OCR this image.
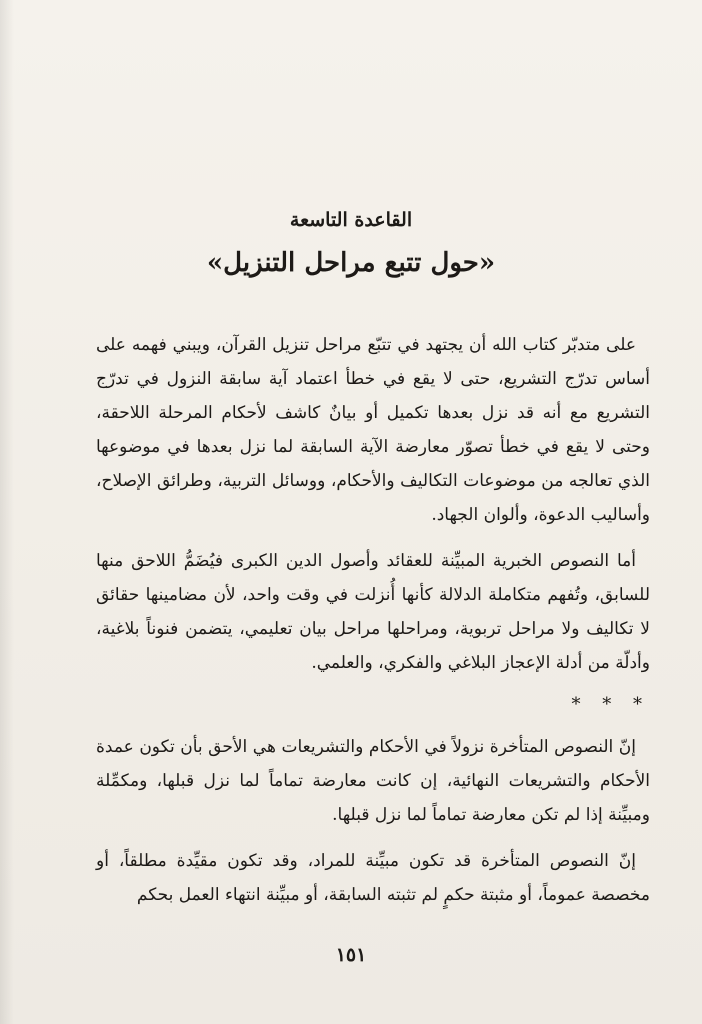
القاعدة التاسعة
«حول تتبع مراحل التنزيل»

على متدبّر كتاب الله أن يجتهد في تتبّع مراحل تنزيل القرآن، ويبني فهمه على أساس تدرّج التشريع، حتى لا يقع في خطأ اعتماد آية سابقة النزول في تدرّج التشريع مع أنه قد نزل بعدها تكميل أو بيانٌ كاشف لأحكام المرحلة اللاحقة، وحتى لا يقع في خطأ تصوّر معارضة الآية السابقة لما نزل بعدها في موضوعها الذي تعالجه من موضوعات التكاليف والأحكام، ووسائل التربية، وطرائق الإصلاح، وأساليب الدعوة، وألوان الجهاد.

أما النصوص الخبرية المبيِّنة للعقائد وأصول الدين الكبرى فيُضَمُّ اللاحق منها للسابق، وتُفهم متكاملة الدلالة كأنها أُنزلت في وقت واحد، لأن مضامينها حقائق لا تكاليف ولا مراحل تربوية، ومراحلها مراحل بيان تعليمي، يتضمن فنوناً بلاغية، وأدلّة من أدلة الإعجاز البلاغي والفكري، والعلمي.

* * *

إنّ النصوص المتأخرة نزولاً في الأحكام والتشريعات هي الأحق بأن تكون عمدة الأحكام والتشريعات النهائية، إن كانت معارضة تماماً لما نزل قبلها، ومكمِّلة ومبيِّنة إذا لم تكن معارضة تماماً لما نزل قبلها.

إنّ النصوص المتأخرة قد تكون مبيِّنة للمراد، وقد تكون مقيِّدة مطلقاً، أو مخصصة عموماً، أو مثبتة حكمٍ لم تثبته السابقة، أو مبيِّنة انتهاء العمل بحكم

١٥١
